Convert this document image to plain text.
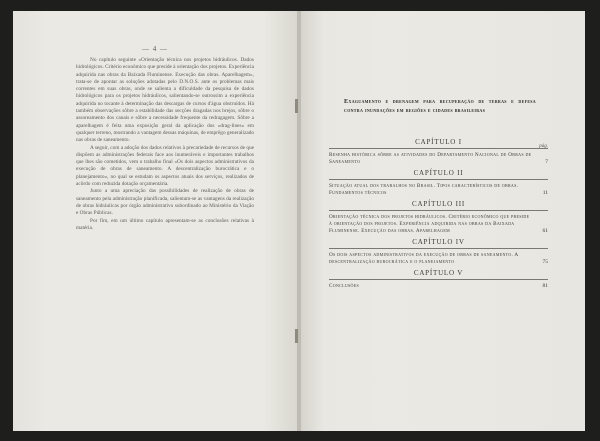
— 4 —

No capítulo seguinte «Orientação técnica nos projetos hidráulicos. Dados hidrológicos. Critério econômico que preside à orientação dos projetos. Experiência adquirida nas obras da Baixada Fluminense. Execução das obras. Aparelhagem», trata-se de apontar as soluções adotadas pelo D.N.O.S. ante os problemas mais correntes em suas obras, onde se salienta a dificuldade da pesquisa de dados hidrológicos para os projetos hidráulicos, salientando-se outrossim a experiência adquirida no tocante à determinação das descargas de cursos d'água obstruídos. Há também observações sôbre a estabilidade das secções dragadas nos brejos, sôbre o assoreamento dos canais e sôbre a necessidade frequente da redragagem. Sôbre a aparelhagem é feita uma exposição geral da aplicação dos «drag-lines» em qualquer terreno, mostrando a vantagem dessas máquinas, de emprêgo generalizado nas obras de saneamento.

A seguir, com a adoção dos dados relativos à precariedade de recursos de que dispõem as administrações federais face aos inumeráveis e importantes trabalhos que lhes são cometidos, vem o trabalho final «Os dois aspectos administrativos da execução de obras de saneamento. A descentralização burocrática e o planejamento», no qual se estudam os aspectos atuais dos serviços, realizados de acôrdo com reduzida dotação orçamentária.

Junto a uma apreciação das possibilidades de realização de obras de saneamento pela administração planificada, salientam-se as vantagens da realização de obras hidráulicas por órgão administrativo subordinado ao Ministério da Viação e Obras Públicas.

Por fim, em um último capítulo apresentam-se as conclusões relativas à matéria.

Exaguamento e drenagem para recuperação de terras e defesa contra inundações em regiões e cidades brasileiras
CAPÍTULO I
pág.
Resenha histórica sôbre as atividades do Departamento Nacional de Obras de Saneamento	7
CAPÍTULO II
Situação atual dos trabalhos no Brasil. Tipos característicos de obras. Fundamentos técnicos	11
CAPÍTULO III
Orientação técnica dos projetos hidráulicos. Critério econômico que preside à orientação dos projetos. Experiência adquirida nas obras da Baixada Fluminense. Execução das obras. Aparelhagem	61
CAPÍTULO IV
Os dois aspectos administrativos da execução de obras de saneamento. A descentralização burocrática e o planejamento	75
CAPÍTULO V
Conclusões	81
